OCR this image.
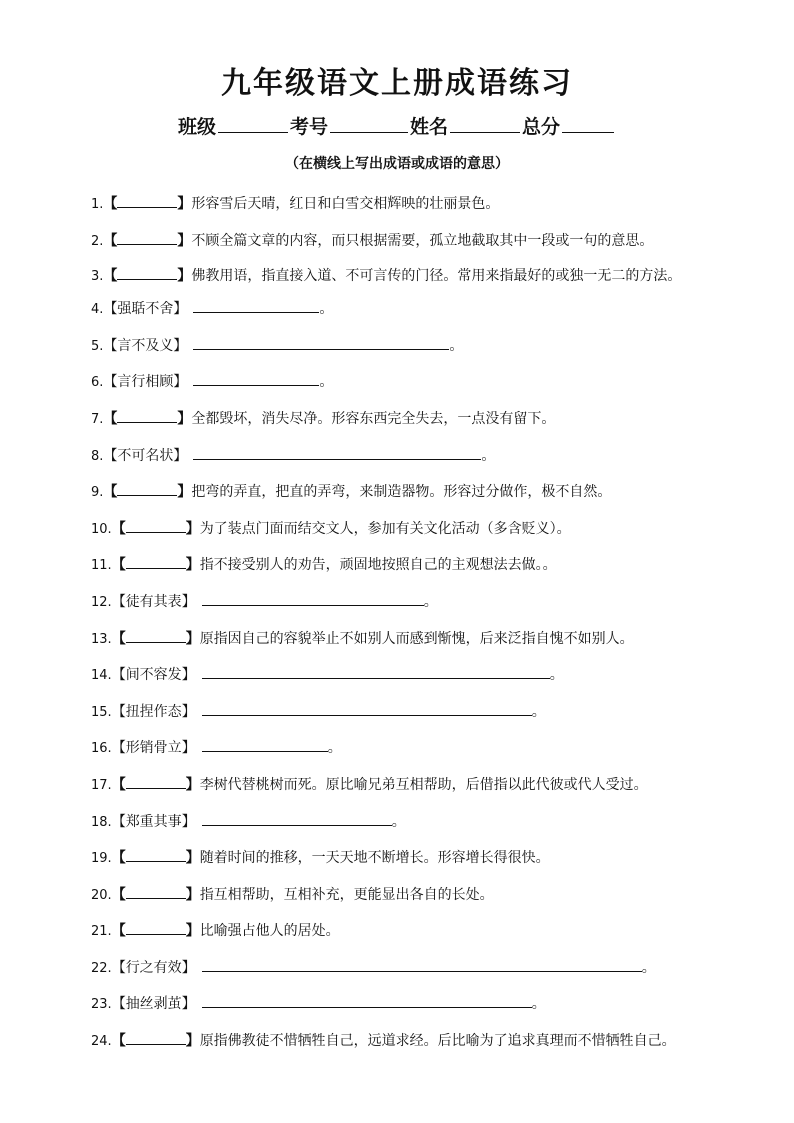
九年级语文上册成语练习
班级	考号	姓名	总分
（在横线上写出成语或成语的意思）
1.【	】形容雪后天晴，红日和白雪交相辉映的壮丽景色。
2.【	】不顾全篇文章的内容，而只根据需要，孤立地截取其中一段或一句的意思。
3.【	】佛教用语，指直接入道、不可言传的门径。常用来指最好的或独一无二的方法。
4.【强聒不舍】	。
5.【言不及义】	。
6.【言行相顾】	。
7.【	】全都毁坏，消失尽净。形容东西完全失去，一点没有留下。
8.【不可名状】	。
9.【	】把弯的弄直，把直的弄弯，来制造器物。形容过分做作，极不自然。
10.【	】为了装点门面而结交文人，参加有关文化活动（多含贬义）。
11.【	】指不接受别人的劝告，顽固地按照自己的主观想法去做。。
12.【徒有其表】	。
13.【	】原指因自己的容貌举止不如别人而感到惭愧，后来泛指自愧不如别人。
14.【间不容发】	。
15.【扭捏作态】	。
16.【形销骨立】	。
17.【	】李树代替桃树而死。原比喻兄弟互相帮助，后借指以此代彼或代人受过。
18.【郑重其事】	。
19.【	】随着时间的推移，一天天地不断增长。形容增长得很快。
20.【	】指互相帮助，互相补充，更能显出各自的长处。
21.【	】比喻强占他人的居处。
22.【行之有效】	。
23.【抽丝剥茧】	。
24.【	】原指佛教徒不惜牺牲自己，远道求经。后比喻为了追求真理而不惜牺牲自己。
